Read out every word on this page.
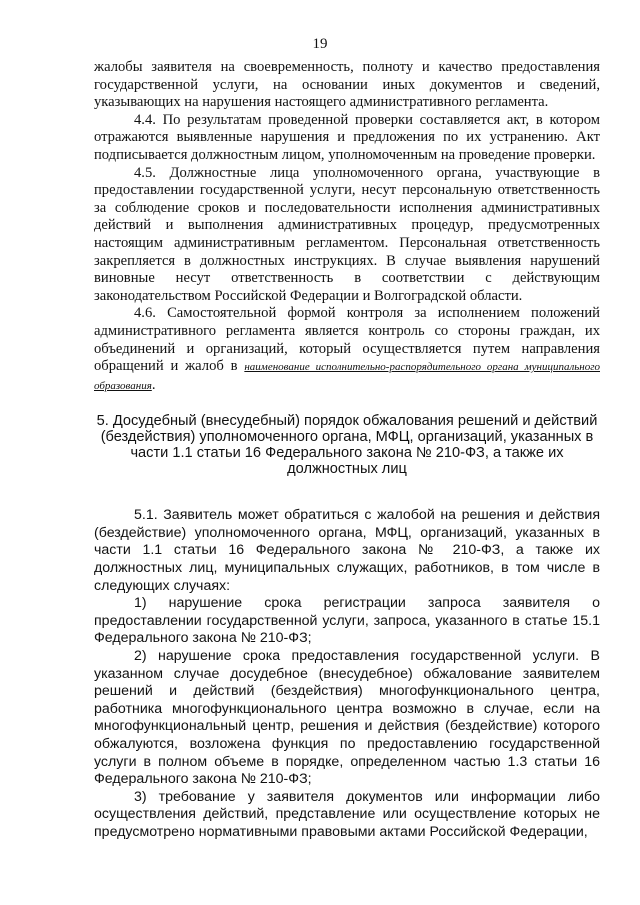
19

жалобы заявителя на своевременность, полноту и качество предоставления государственной услуги, на основании иных документов и сведений, указывающих на нарушения настоящего административного регламента.

4.4. По результатам проведенной проверки составляется акт, в котором отражаются выявленные нарушения и предложения по их устранению. Акт подписывается должностным лицом, уполномоченным на проведение проверки.

4.5. Должностные лица уполномоченного органа, участвующие в предоставлении государственной услуги, несут персональную ответственность за соблюдение сроков и последовательности исполнения административных действий и выполнения административных процедур, предусмотренных настоящим административным регламентом. Персональная ответственность закрепляется в должностных инструкциях. В случае выявления нарушений виновные несут ответственность в соответствии с действующим законодательством Российской Федерации и Волгоградской области.

4.6. Самостоятельной формой контроля за исполнением положений административного регламента является контроль со стороны граждан, их объединений и организаций, который осуществляется путем направления обращений и жалоб в наименование исполнительно-распорядительного органа муниципального образования.

5. Досудебный (внесудебный) порядок обжалования решений и действий (бездействия) уполномоченного органа, МФЦ, организаций, указанных в части 1.1 статьи 16 Федерального закона № 210-ФЗ, а также их должностных лиц

5.1. Заявитель может обратиться с жалобой на решения и действия (бездействие) уполномоченного органа, МФЦ, организаций, указанных в части 1.1 статьи 16 Федерального закона № 210-ФЗ, а также их должностных лиц, муниципальных служащих, работников, в том числе в следующих случаях:

1) нарушение срока регистрации запроса заявителя о предоставлении государственной услуги, запроса, указанного в статье 15.1 Федерального закона № 210-ФЗ;

2) нарушение срока предоставления государственной услуги. В указанном случае досудебное (внесудебное) обжалование заявителем решений и действий (бездействия) многофункционального центра, работника многофункционального центра возможно в случае, если на многофункциональный центр, решения и действия (бездействие) которого обжалуются, возложена функция по предоставлению государственной услуги в полном объеме в порядке, определенном частью 1.3 статьи 16 Федерального закона № 210-ФЗ;

3) требование у заявителя документов или информации либо осуществления действий, представление или осуществление которых не предусмотрено нормативными правовыми актами Российской Федерации,
